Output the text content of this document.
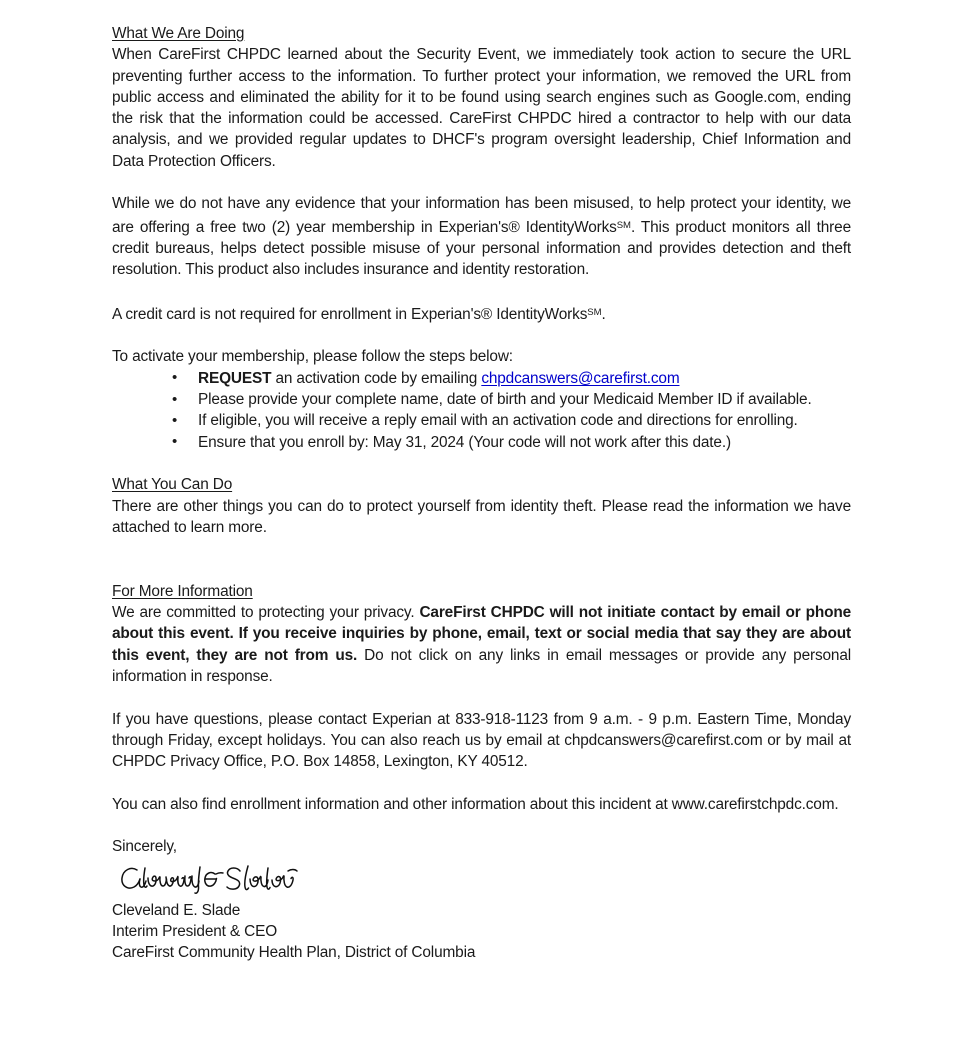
What We Are Doing

When CareFirst CHPDC learned about the Security Event, we immediately took action to secure the URL preventing further access to the information. To further protect your information, we removed the URL from public access and eliminated the ability for it to be found using search engines such as Google.com, ending the risk that the information could be accessed. CareFirst CHPDC hired a contractor to help with our data analysis, and we provided regular updates to DHCF's program oversight leadership, Chief Information and Data Protection Officers.

While we do not have any evidence that your information has been misused, to help protect your identity, we are offering a free two (2) year membership in Experian's® IdentityWorks℠. This product monitors all three credit bureaus, helps detect possible misuse of your personal information and provides detection and theft resolution. This product also includes insurance and identity restoration.

A credit card is not required for enrollment in Experian's® IdentityWorks℠.

To activate your membership, please follow the steps below:

• REQUEST an activation code by emailing chpdcanswers@carefirst.com
• Please provide your complete name, date of birth and your Medicaid Member ID if available.
• If eligible, you will receive a reply email with an activation code and directions for enrolling.
• Ensure that you enroll by: May 31, 2024 (Your code will not work after this date.)
What You Can Do

There are other things you can do to protect yourself from identity theft. Please read the information we have attached to learn more.

For More Information

We are committed to protecting your privacy. CareFirst CHPDC will not initiate contact by email or phone about this event. If you receive inquiries by phone, email, text or social media that say they are about this event, they are not from us. Do not click on any links in email messages or provide any personal information in response.

If you have questions, please contact Experian at 833-918-1123 from 9 a.m. - 9 p.m. Eastern Time, Monday through Friday, except holidays. You can also reach us by email at chpdcanswers@carefirst.com or by mail at CHPDC Privacy Office, P.O. Box 14858, Lexington, KY 40512.

You can also find enrollment information and other information about this incident at www.carefirstchpdc.com.

Sincerely,
Cleveland E. Slade
Interim President & CEO
CareFirst Community Health Plan, District of Columbia
